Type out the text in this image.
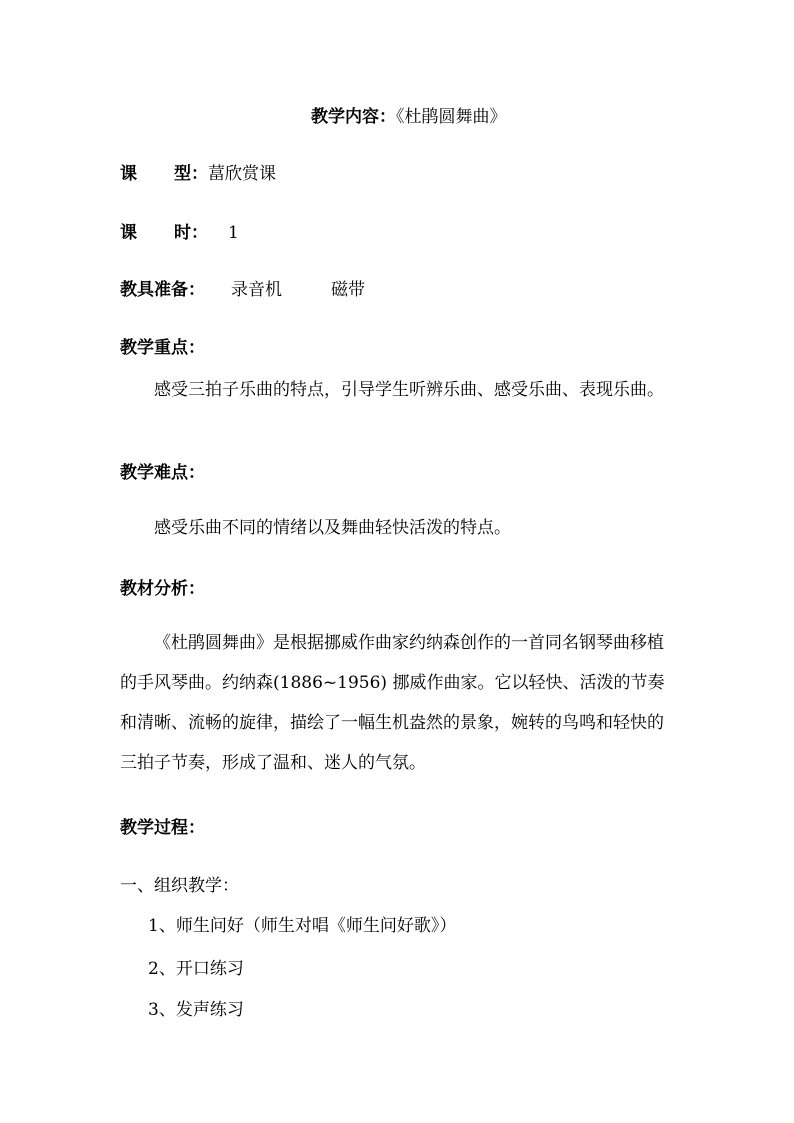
教学内容：《杜鹃圆舞曲》
课 型：葍欣赏课
课 时： 1
教具准备： 录音机	磁带
教学重点：
感受三拍子乐曲的特点，引导学生听辨乐曲、感受乐曲、表现乐曲。
教学难点：
感受乐曲不同的情绪以及舞曲轻快活泼的特点。
教材分析：
《杜鹃圆舞曲》是根据挪威作曲家约纳森创作的一首同名钢琴曲移植的手风琴曲。约纳森(1886~1956) 挪威作曲家。它以轻快、活泼的节奏和清晰、流畅的旋律，描绘了一幅生机盎然的景象，婉转的鸟鸣和轻快的三拍子节奏，形成了温和、迷人的气氛。
教学过程：
一、组织教学：
1、师生问好（师生对唱《师生问好歌》）
2、开口练习
3、发声练习
